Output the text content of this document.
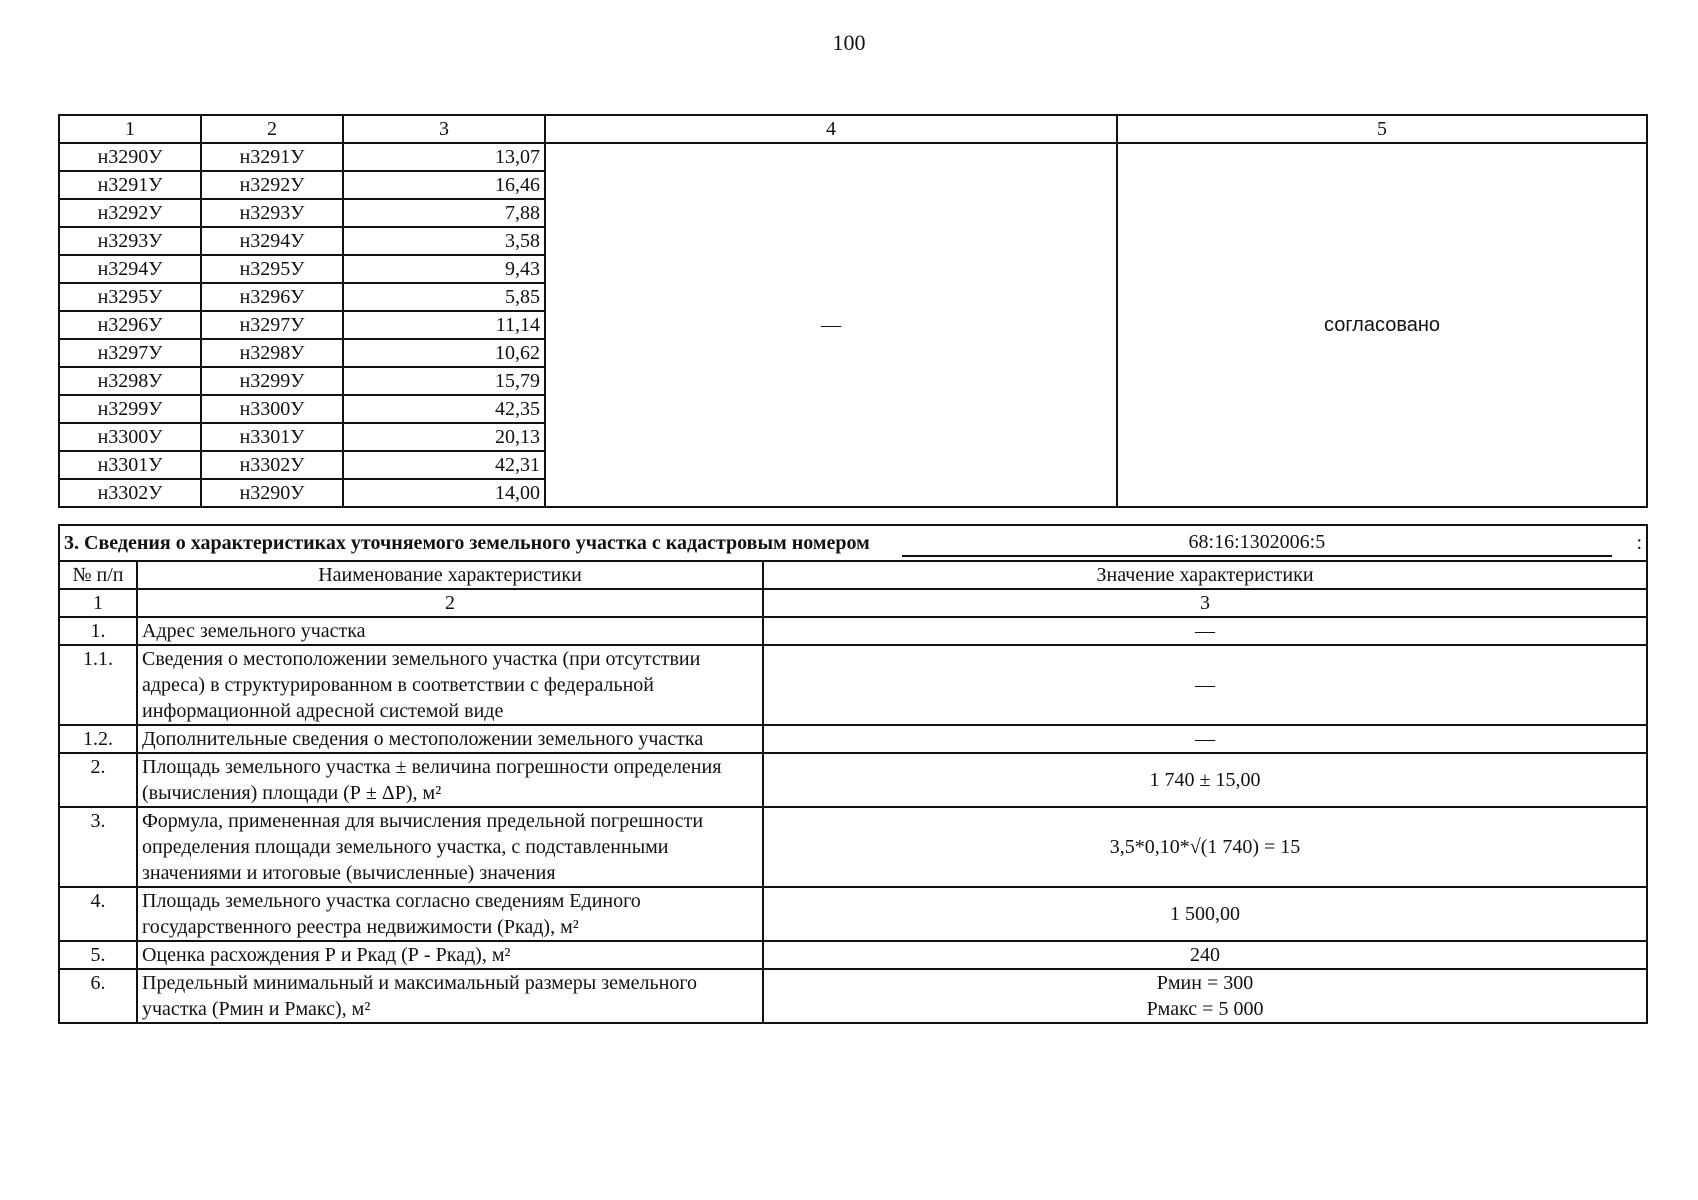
100
1	2	3	4	5
н3290У	н3291У	13,07	—	согласовано
н3291У	н3292У	16,46		
н3292У	н3293У	7,88		
н3293У	н3294У	3,58		
н3294У	н3295У	9,43		
н3295У	н3296У	5,85		
н3296У	н3297У	11,14		
н3297У	н3298У	10,62		
н3298У	н3299У	15,79		
н3299У	н3300У	42,35		
н3300У	н3301У	20,13		
н3301У	н3302У	42,31		
н3302У	н3290У	14,00		
3. Сведения о характеристиках уточняемого земельного участка с кадастровым номером 68:16:1302006:5 :		

№ п/п	Наименование характеристики	Значение характеристики
1	2	3
1.	Адрес земельного участка	—
1.1.	Сведения о местоположении земельного участка (при отсутствии адреса) в структурированном в соответствии с федеральной информационной адресной системой виде	—
1.2.	Дополнительные сведения о местоположении земельного участка	—
2.	Площадь земельного участка ± величина погрешности определения (вычисления) площади (Р ± ΔР), м²	1 740 ± 15,00
3.	Формула, примененная для вычисления предельной погрешности определения площади земельного участка, с подставленными значениями и итоговые (вычисленные) значения	3,5*0,10*√(1 740) = 15
4.	Площадь земельного участка согласно сведениям Единого государственного реестра недвижимости (Ркад), м²	1 500,00
5.	Оценка расхождения Р и Ркад (Р - Ркад), м²	240
6.	Предельный минимальный и максимальный размеры земельного участка (Рмин и Рмакс), м²	Рмин = 300
Рмакс = 5 000
